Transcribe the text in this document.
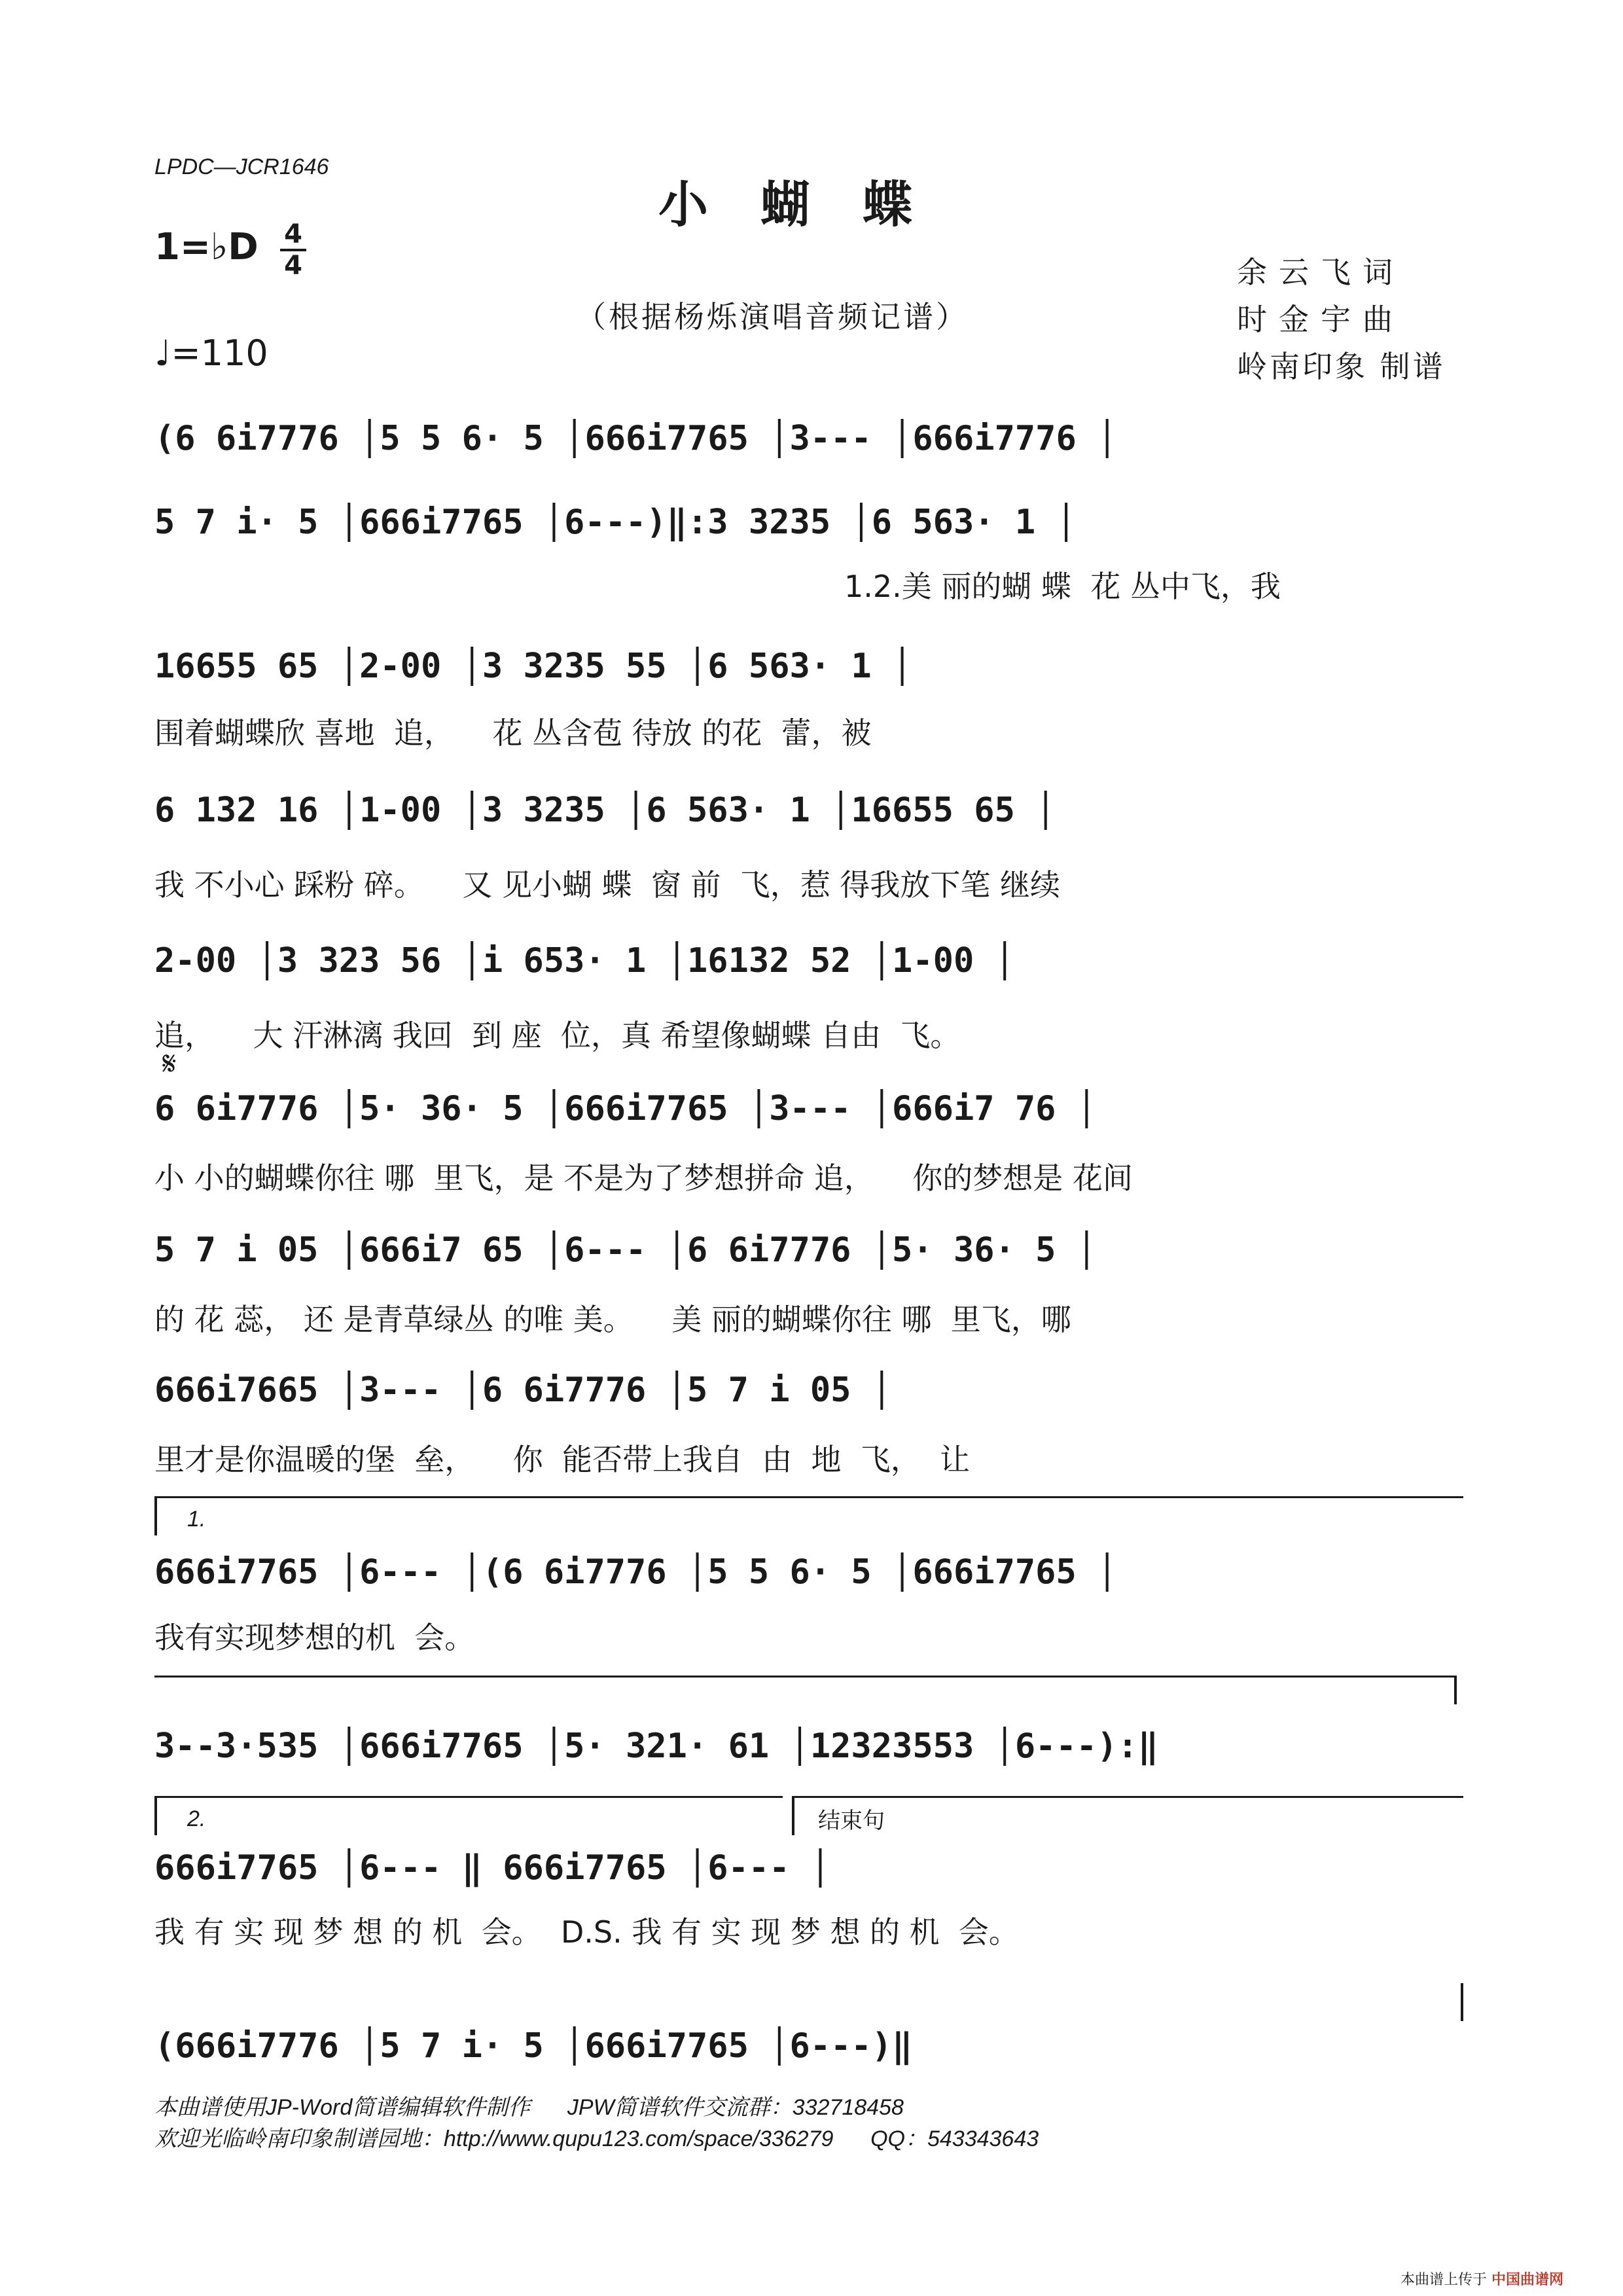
LPDC—JCR1646
小蝴蝶
1=♭D 4
4
♩=110
（根据杨烁演唱音频记谱）
余云飞词
时金宇曲
岭南印象 制谱
(6 6i7776 │5 5 6· 5 │666i7765 │3--- │666i7776 │
5 7 i· 5 │666i7765 │6---)‖:3 3235 │6 563· 1 │
1.2.美 丽的蝴 蝶  花 丛中飞，我
16655 65 │2-00 │3 3235 55 │6 563· 1 │
围着蝴蝶欣 喜地  追，    花 丛含苞 待放 的花  蕾，被
6 132 16 │1-00 │3 3235 │6 563· 1 │16655 65 │
我 不小心 踩粉 碎。    又 见小蝴 蝶  窗 前  飞，惹 得我放下笔 继续
2-00 │3 323 56 │i 653· 1 │16132 52 │1-00 │
追，    大 汗淋漓 我回  到 座  位，真 希望像蝴蝶 自由  飞。
𝄋
6 6i7776 │5· 36· 5 │666i7765 │3--- │666i7 76 │
小 小的蝴蝶你往 哪  里飞，是 不是为了梦想拼命 追，    你的梦想是 花间
5 7 i 05 │666i7 65 │6--- │6 6i7776 │5· 36· 5 │
的 花 蕊， 还 是青草绿丛 的唯 美。    美 丽的蝴蝶你往 哪  里飞，哪
666i7665 │3--- │6 6i7776 │5 7 i 05 │
里才是你温暖的堡  垒，    你  能否带上我自  由  地  飞，  让
1.
666i7765 │6--- │(6 6i7776 │5 5 6· 5 │666i7765 │
我有实现梦想的机  会。
3--3·535 │666i7765 │5· 321· 61 │12323553 │6---):‖
2.	结束句
666i7765 │6--- ‖ 666i7765 │6--- │
我 有 实 现 梦 想 的 机  会。  D.S. 我 有 实 现 梦 想 的 机  会。
(666i7776 │5 7 i· 5 │666i7765 │6---)‖
本曲谱使用JP-Word简谱编辑软件制作      JPW简谱软件交流群：332718458
欢迎光临岭南印象制谱园地：http://www.qupu123.com/space/336279      QQ：543343643
本曲谱上传于 中国曲谱网
